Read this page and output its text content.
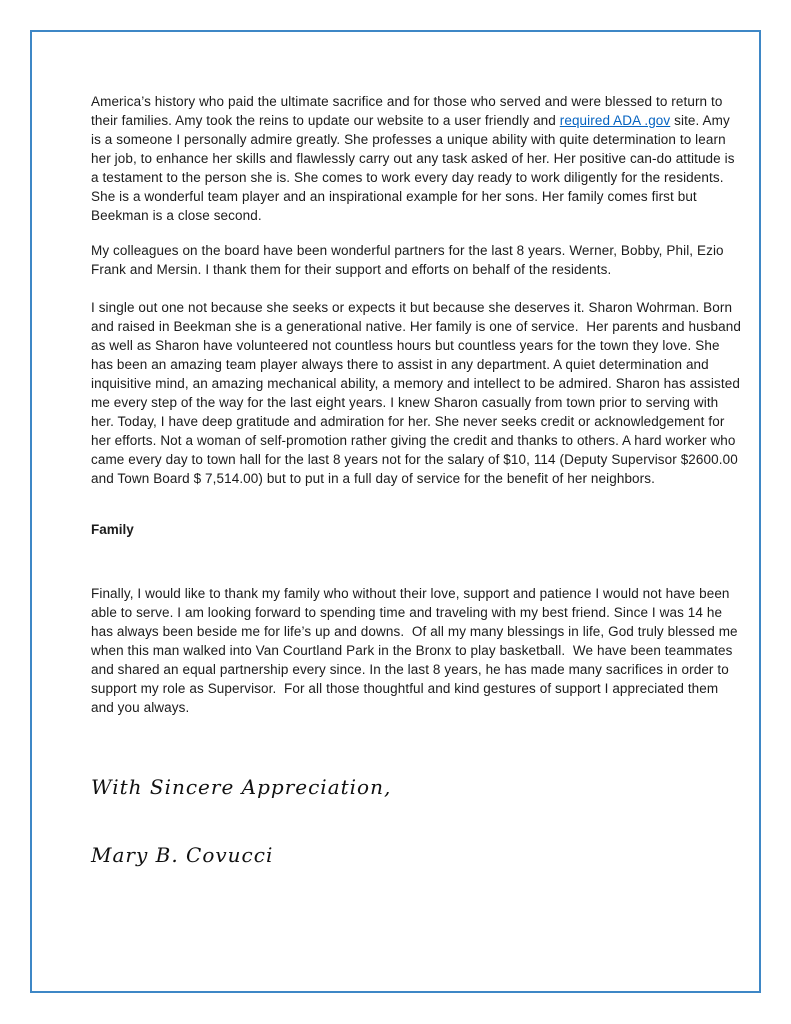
America’s history who paid the ultimate sacrifice and for those who served and were blessed to return to their families. Amy took the reins to update our website to a user friendly and required ADA .gov site. Amy is a someone I personally admire greatly. She professes a unique ability with quite determination to learn her job, to enhance her skills and flawlessly carry out any task asked of her. Her positive can-do attitude is a testament to the person she is. She comes to work every day ready to work diligently for the residents. She is a wonderful team player and an inspirational example for her sons. Her family comes first but Beekman is a close second.

My colleagues on the board have been wonderful partners for the last 8 years. Werner, Bobby, Phil, Ezio Frank and Mersin. I thank them for their support and efforts on behalf of the residents.

I single out one not because she seeks or expects it but because she deserves it. Sharon Wohrman. Born and raised in Beekman she is a generational native. Her family is one of service.  Her parents and husband as well as Sharon have volunteered not countless hours but countless years for the town they love. She has been an amazing team player always there to assist in any department. A quiet determination and inquisitive mind, an amazing mechanical ability, a memory and intellect to be admired. Sharon has assisted me every step of the way for the last eight years. I knew Sharon casually from town prior to serving with her. Today, I have deep gratitude and admiration for her. She never seeks credit or acknowledgement for her efforts. Not a woman of self-promotion rather giving the credit and thanks to others. A hard worker who came every day to town hall for the last 8 years not for the salary of $10, 114 (Deputy Supervisor $2600.00 and Town Board $ 7,514.00) but to put in a full day of service for the benefit of her neighbors.

Family

Finally, I would like to thank my family who without their love, support and patience I would not have been able to serve. I am looking forward to spending time and traveling with my best friend. Since I was 14 he has always been beside me for life’s up and downs.  Of all my many blessings in life, God truly blessed me when this man walked into Van Courtland Park in the Bronx to play basketball.  We have been teammates and shared an equal partnership every since. In the last 8 years, he has made many sacrifices in order to support my role as Supervisor.  For all those thoughtful and kind gestures of support I appreciated them and you always.

With Sincere Appreciation,

Mary B. Covucci
